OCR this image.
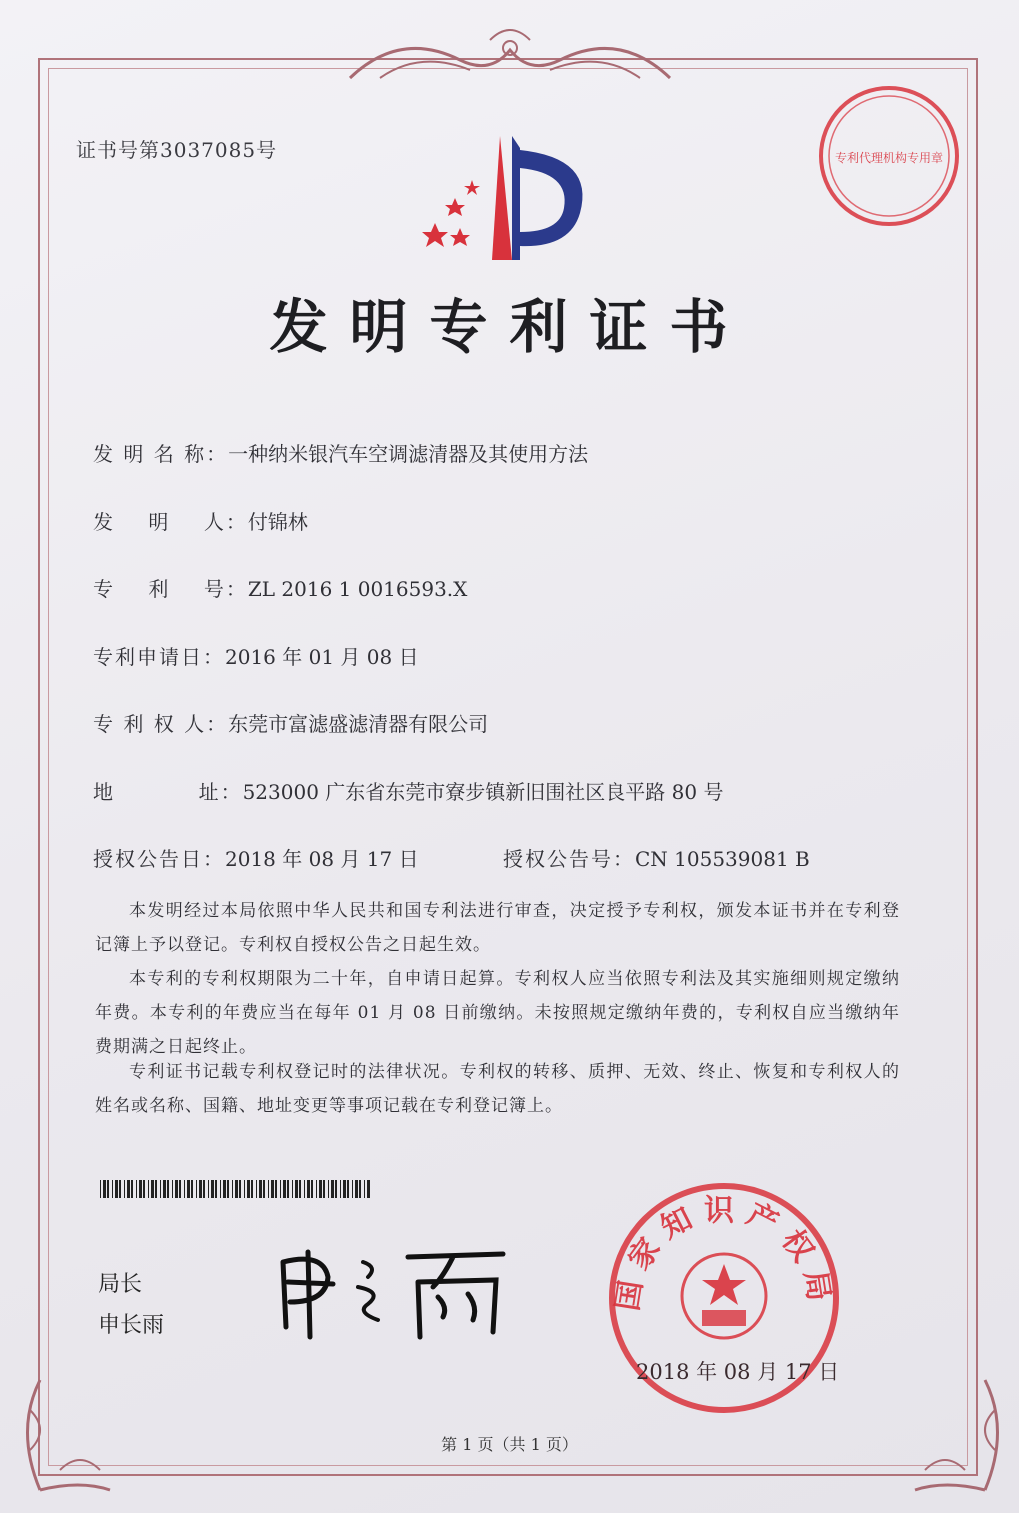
证书号第3037085号
发明专利证书
发 明 名 称：一种纳米银汽车空调滤清器及其使用方法
发    明    人：付锦林
专    利    号：ZL 2016 1 0016593.X
专利申请日：2016 年 01 月 08 日
专 利 权 人：东莞市富滤盛滤清器有限公司
地          址：523000 广东省东莞市寮步镇新旧围社区良平路 80 号
授权公告日：2018 年 08 月 17 日	授权公告号：CN 105539081 B
本发明经过本局依照中华人民共和国专利法进行审查，决定授予专利权，颁发本证书并在专利登记簿上予以登记。专利权自授权公告之日起生效。
本专利的专利权期限为二十年，自申请日起算。专利权人应当依照专利法及其实施细则规定缴纳年费。本专利的年费应当在每年 01 月 08 日前缴纳。未按照规定缴纳年费的，专利权自应当缴纳年费期满之日起终止。
专利证书记载专利权登记时的法律状况。专利权的转移、质押、无效、终止、恢复和专利权人的姓名或名称、国籍、地址变更等事项记载在专利登记簿上。
局长
申长雨
国家知识产权局
2018 年 08 月 17 日
专利代理机构专用章
第 1 页（共 1 页）
